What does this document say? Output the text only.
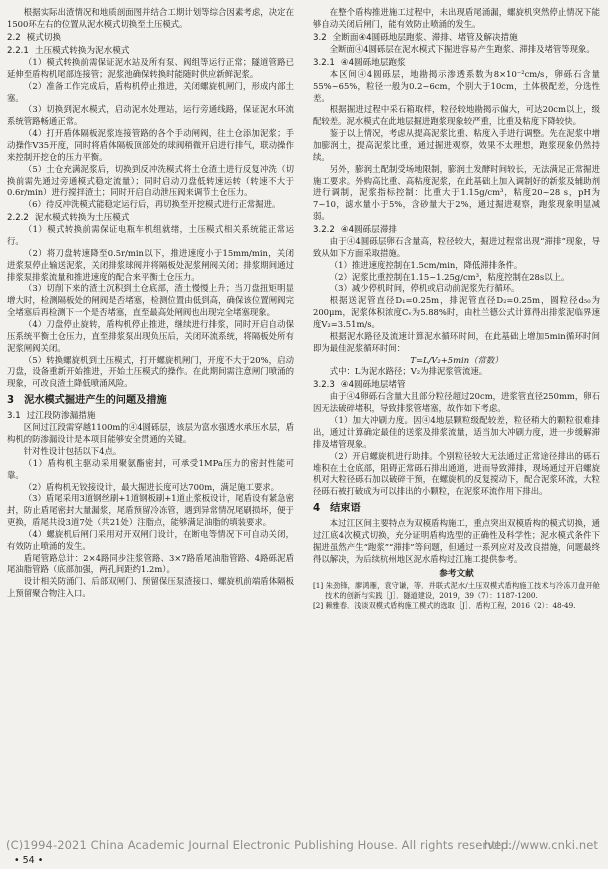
根据实际出渣情况和地质剖面图并结合工期计划等综合因素考虑，决定在1500环左右的位置从泥水模式切换至土压模式。

2.2 模式切换
2.2.1 土压模式转换为泥水模式

（1）模式转换前需保证泥水站及所有泵、阀组等运行正常；隧道管路已延伸至盾构机尾部连接管；泥浆池确保转换时能随时供应新鲜泥浆。

（2）准备工作完成后，盾构机停止推进，关闭螺旋机闸门，形成内部土塞。

（3）切换到泥水模式，启动泥水处理站，运行旁通线路，保证泥水环流系统管路畅通正常。

（4）打开盾体隔板泥浆连接管路的各个手动闸阀，往土仓添加泥浆；手动操作V35开度，同时将盾体隔板顶部处的球阀稍微开启进行排气，联动操作来控制开挖仓的压力平衡。

（5）土仓充满泥浆后，切换到反冲洗模式将土仓渣土进行反复冲洗（切换前需先通过旁通模式稳定流量）；同时启动刀盘低转速运转（转速不大于0.6r/min）进行搅拌渣土；同时开启自动泄压阀来调节土仓压力。

（6）待反冲洗模式能稳定运行后，再切换至开挖模式进行正常掘进。

2.2.2 泥水模式转换为土压模式

（1）模式转换前需保证电瓶车机组就绪，土压模式相关系统能正常运行。

（2）将刀盘转速降至0.5r/min以下，推进速度小于15mm/min，关闭进浆泵停止输送泥浆，关闭排浆球阀并将隔板处泥浆闸阀关闭；排浆期间通过排浆泵排浆流量和推进速度的配合来平衡土仓压力。

（3）切削下来的渣土沉积到土仓底部，渣土慢慢上升；当刀盘扭矩明显增大时，检测隔板处的闸阀是否堵塞，检测位置由低到高，确保该位置闸阀完全堵塞后再检测下一个是否堵塞，直至最高处闸阀也出现完全堵塞现象。

（4）刀盘停止旋转，盾构机停止推进，继续进行排浆，同时开启自动保压系统平衡土仓压力，直至排浆泵出现负压后，关闭环流系统，将隔板处所有泥浆闸阀关闭。

（5）转换螺旋机到土压模式，打开螺旋机闸门，开度不大于20%，启动刀盘，设备重新开始推进，开始土压模式的操作。在此期间需注意闸门喷涌的现象，可改良渣土降低喷涌风险。

3 泥水模式掘进产生的问题及措施
3.1 过江段防渗漏措施

区间过江段需穿越1100m的④4圆砾层，该层为富水强透水承压水层，盾构机的防渗漏设计是本项目能够安全贯通的关键。

针对性设计包括以下4点。

（1）盾构机主驱动采用聚氨酯密封，可承受1MPa压力的密封性能可靠。

（2）盾构机无铰接设计，最大掘进长度可达700m，满足施工要求。

（3）盾尾采用3道钢丝刷+1道钢板刷+1道止浆板设计，尾盾设有紧急密封，防止盾尾密封大量漏浆，尾盾预留冷冻管，遇到异常情况尾刷损坏，便于更换，盾尾共设3道7处（共21处）注脂点，能够满足油脂的填装要求。

（4）螺旋机后闸门采用对开双闸门设计，在断电等情况下可自动关闭，有效防止喷涌的发生。

盾尾管路总计：2×4路同步注浆管路、3×7路盾尾油脂管路、4路砾泥盾尾油脂管路（底部加强，两孔间距约1.2m）。

设计相关防涌门、后部双闸门、预留保压泵渣接口、螺旋机前端盾体隔板上预留聚合物注入口。

在整个盾构推进施工过程中，未出现盾尾涌漏，螺旋机突然停止情况下能够自动关闭后闸门，能有效防止喷涌的发生。

3.2 全断面④4圆砾地层跑浆、滞排、堵管及解决措施

全断面④4圆砾层在泥水模式下掘进容易产生跑浆、滞排及堵管等现象。

3.2.1 ④4圆砾地层跑浆

本区间④4圆砾层，地勘揭示渗透系数为8×10⁻²cm/s，卵砾石含量55%~65%，粒径一般为0.2~6cm，个别大于10cm，土体极配差，分选性差。

根据掘进过程中采石箱取样，粒径较地勘揭示偏大，可达20cm以上，级配较差。泥水模式在此地层掘进跑浆现象较严重，比重及粘度下降较快。

鉴于以上情况，考虑从提高泥浆比重、粘度入手进行调整。先在泥浆中增加膨润土，提高泥浆比重，通过掘进观察，效果不太理想，跑浆现象仍然持续。

另外，膨润土配制受场地限制，膨润土发酵时间较长，无法满足正常掘进施工要求。外购高比重、高粘度泥浆，在此基础上加入调制好的新浆及辅助剂进行调制，泥浆指标控制：比重大于1.15g/cm³，粘度20~28 s，pH为7~10，滤水量小于5%，含砂量大于2%，通过掘进观察，跑浆现象明显减弱。

3.2.2 ④4圆砾层滞排

由于④4圆砾层卵石含量高，粒径较大，掘进过程常出现“滞排”现象，导致从如下方面采取措施。

（1）推进速度控制在1.5cm/min，降低滞排条件。

（2）泥浆比重控制在1.15~1.25g/cm³，粘度控制在28s以上。

（3）减少停机时间，停机或启动前泥浆先行循环。

根据送泥管直径D₁=0.25m，排泥管直径D₂=0.25m，圆粒径d₅₀为200μm，泥浆体积浓度Cᵥ为5.88%时，由杜兰德公式计算得出排浆泥临界速度V₂=3.51m/s。

根据泥水路径及流速计算泥水循环时间，在此基础上增加5min循环时间即为最佳泥浆循环时间：

T=L/V₂+5min（常数）

式中：L为泥水路径；V₂为排泥浆管流速。

3.2.3 ④4圆砾地层堵管

由于④4卵砾石含量大且部分粒径超过20cm，进浆管直径250mm，卵石因无法破碎堵积，导致排浆管堵塞，故作如下考虑。

（1）加大冲刷力度。因④4地层颗粒级配较差，粒径稍大的颗粒很难排出，通过计算确定最佳的送浆及排浆流量，适当加大冲刷力度，进一步缓解滞排及堵管现象。

（2）开启螺旋机进行助排。个别粒径较大无法通过正常途径排出的砾石堆积在土仓底部，阻碍正常砾石排出通道，进而导致滞排，现场通过开启螺旋机对大粒径砾石加以破碎干预，在螺旋机的反复搅动下，配合泥浆环流，大粒径砾石被打破成为可以排出的小颗粒，在泥浆环流作用下排出。

4 结束语

本过江区间主要特点为双模盾构施工，重点突出双模盾构的模式切换，通过江底4次模式切换，充分证明盾构选型的正确性及科学性；泥水模式条件下掘进虽然产生“跑浆”“滞排”等问题，但通过一系列应对及改良措施，问题最终得以解决，为后续杭州地区泥水盾构过江施工提供参考。

参考文献

[1] 朱劲锋，廖鸿雁，袁守谦，等．并联式泥水/土压双模式盾构施工技术与冷冻刀盘开舱技术的创新与实践［J］．隧道建设，2019，39（7）：1187-1200.

[2] 赖雅春．浅谈双模式盾构施工模式的选取［J］．盾构工程，2016（2）：48-49.

(C)1994-2021 China Academic Journal Electronic Publishing House. All rights reserved.
http://www.cnki.net
• 54 •
